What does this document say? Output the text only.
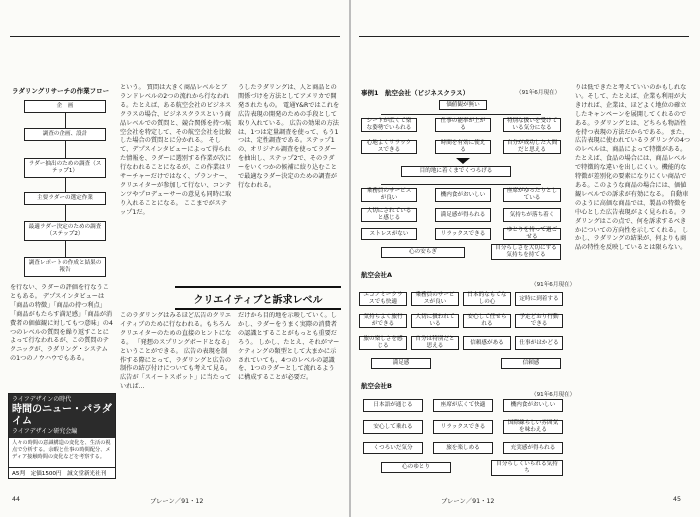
ラダリングリサーチの作業フロー
企　画
調査の企画、設計
ラダー抽出のための調査（ステップ1）
主要ラダーの選定作業
最適ラダー決定のための調査（ステップ2）
調査レポートの作成と結果の報告

を行ない、ラダーの評価を行なうこともある。 デプスインタビューは「商品の特徴」「商品の持つ利点」「商品がもたらす満足感」「商品が消費者の価値観に対してもつ意味」の4つのレベルの質問を繰り返すことによって行なわれるが、この質問のテクニックが、ラダリング・システムの1つのノウハウでもある。

ライフデザインの時代
時間のニュー・パラダイム
ライフデザイン研究会編
人々の時間の意識構造の変化を、生活の視点で分析する。余暇と仕事の時間配分、メディア接触時間の変化などを考察する。
A5判　定価1500円　誠文堂新光社刊

という。 質問は大きく商品レベルとブランドレベルの2つの流れから行なわれる。たとえば、ある航空会社のビジネスクラスの場合、ビジネスクラスという商品レベルでの質問と、競合関係を持つ航空会社を特定して、その航空会社を比較した場合の質問とに分かれる。 そして、デプスインタビューによって得られた情報を、ラダーに選別する作業が次に行なわれることになるが、この作業はリサーチャーだけではなく、プランナー、クリエイターが参加して行ない、コンテンツやプロデューサーの意見も同時に取り入れることになる。 ここまでがステップ1だ。

うしたラダリングは、人と商品との関係づけを方法としてアメリカで開発されたもの。 電通Y&Rではこれを広告表現の開発のための手段として取り入れている。 広告の効果の方法は、1つは定量調査を使って、もう1つは、定性調査である。ステップ1の、オリジナル調査を使ってラダーを抽出し、ステップ2で、そのラダーをいくつかの候補に絞り込むことで最適なラダー決定のための調査が行なわれる。

クリエイティブと訴求レベル

このラダリングはみるほど広告のクリエイティブのために行なわれる。もちろんクリエイターのための直接のヒントになる。 「発想のスプリングボードとなる」ということができる。 広告の表現を制作する際にとって、ラダリングと広告の制作の結び付けについても考えて見る。広告が「スイートスポット」に当たっていれば...

だけから目的地を示唆していく。しかし、ラダーをうまく実際の消費者の認識とすることがもっとも重要だろう。 しかし、たとえ、それがマーケティングの類型として大まかに示されていても、4つのレベルの認識を、1つのラダーとして流れるように構成することが必要だ。

44	ブレーン／91・12
事例1　航空会社（ビジネスクラス）	（91年6月現在）
価値観が無い
シートが広くて楽な姿勢でいられる
仕事の能率が上がる
特別な扱いを受けている気分になる
心地よくリラックスできる
時間を有効に使える
自分が成功した人間だと思える
目的地に着くまでくつろげる
乗務員のサービスが良い
機内食がおいしい
座席がゆったりとしている
大切にされていると感じる
満足感が得られる	気持ちが落ち着く
ストレスがない	リラックスできる
ゆとりを持って過ごせる
心の安らぎ
自分らしさを大切にする気持ちを持てる
航空会社A
（91年6月現在）
エコノミークラスでも快適
乗務員のサービスが良い
日本的なもてなしの心
定時に到着する
気持ちよく旅行ができる
大切に扱われている
安心して任せられる
予定どおり行動できる
旅の楽しさを感じる
自分は特別だと思える
信頼感がある	仕事がはかどる
満足感	信頼感
航空会社B
（91年6月現在）
日本語が通じる	座席が広くて快適	機内食がおいしい
安心して乗れる	リラックスできる
国際線らしい雰囲気を味わえる
くつろいだ気分	旅を楽しめる	充実感が得られる
心のゆとり	自分らしくいられる気持ち

りは低できたと考えていいのかもしれない。そして、たとえば、企業も利用が大きければ、企業は、ほどよく地位の確立したキャンペーンを展開してくれるのである。ラダリングとは、どちらも物語性を持つ表現の方法だからである。 また、広告表現に使われているラダリングの4つのレベルは、商品によって特徴がある。たとえば、食品の場合には、商品レベルで特徴的な違いを出しにくい。機能的な特徴が差別化の要素になりにくい商品である。このような商品の場合には、価値観レベルでの訴求が有効になる。 自動車のように高価な商品では、製品の特徴を中心とした広告表現がよく見られる。ラダリングはこの点で、何を訴求するべきかについての方向性を示してくれる。 しかし、ラダリングの結果が、何よりも商品の特性を反映しているとは限らない。

ブレーン／91・12	45
